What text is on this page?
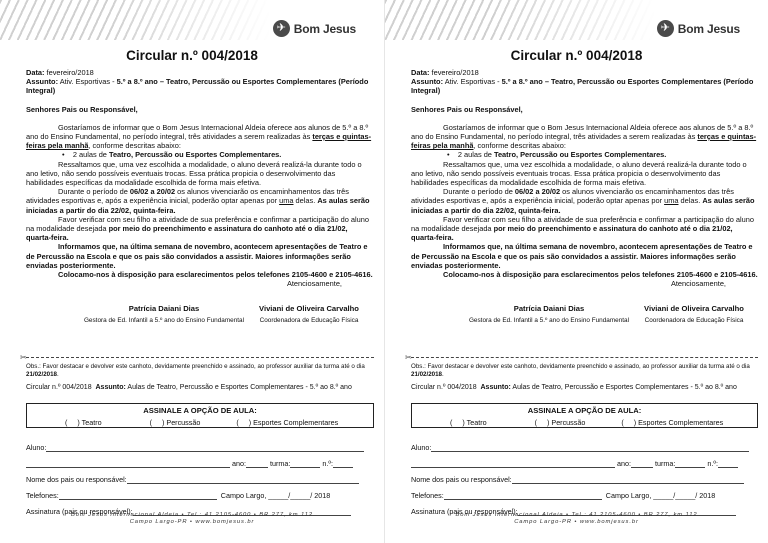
✈ Bom Jesus
Circular n.º 004/2018

Data: fevereiro/2018

Assunto: Ativ. Esportivas - 5.º a 8.º ano – Teatro, Percussão ou Esportes Complementares (Período Integral)

Senhores Pais ou Responsável,

Gostaríamos de informar que o Bom Jesus Internacional Aldeia oferece aos alunos de 5.º a 8.º ano do Ensino Fundamental, no período integral, três atividades a serem realizadas às terças e quintas-feiras pela manhã, conforme descritas abaixo:

•    2 aulas de Teatro, Percussão ou Esportes Complementares.

Ressaltamos que, uma vez escolhida a modalidade, o aluno deverá realizá-la durante todo o ano letivo, não sendo possíveis eventuais trocas. Essa prática propicia o desenvolvimento das habilidades específicas da modalidade escolhida de forma mais efetiva.

Durante o período de 06/02 a 20/02 os alunos vivenciarão os encaminhamentos das três atividades esportivas e, após a experiência inicial, poderão optar apenas por uma delas. As aulas serão iniciadas a partir do dia 22/02, quinta-feira.

Favor verificar com seu filho a atividade de sua preferência e confirmar a participação do aluno na modalidade desejada por meio do preenchimento e assinatura do canhoto até o dia 21/02, quarta-feira.

Informamos que, na última semana de novembro, acontecem apresentações de Teatro e de Percussão na Escola e que os pais são convidados a assistir. Maiores informações serão enviadas posteriormente.

Colocamo-nos à disposição para esclarecimentos pelos telefones 2105-4600 e 2105-4616.

Atenciosamente,

Patrícia Daiani Dias
Gestora de Ed. Infantil a 5.º ano do Ensino Fundamental
Viviani de Oliveira Carvalho
Coordenadora de Educação Física
✂
Obs.: Favor destacar e devolver este canhoto, devidamente preenchido e assinado, ao professor auxiliar da turma até o dia 21/02/2018.
Circular n.º 004/2018 Assunto: Aulas de Teatro, Percussão e Esportes Complementares - 5.º ao 8.º ano
ASSINALE A OPÇÃO DE AULA:
(     ) Teatro	(     ) Percussão	(     ) Esportes Complementares
Aluno:

ano:
	turma:
	n.º:
Nome dos pais ou responsável:
Telefones:
	Campo Largo, _____/_____/ 2018
Assinatura (pais ou responsável):
Bom Jesus Internacional Aldeia • Tel.: 41 2105-4600 • BR 277, km 112
Campo Largo-PR • www.bomjesus.br
✈ Bom Jesus
Circular n.º 004/2018

Data: fevereiro/2018

Assunto: Ativ. Esportivas - 5.º a 8.º ano – Teatro, Percussão ou Esportes Complementares (Período Integral)

Senhores Pais ou Responsável,

Gostaríamos de informar que o Bom Jesus Internacional Aldeia oferece aos alunos de 5.º a 8.º ano do Ensino Fundamental, no período integral, três atividades a serem realizadas às terças e quintas-feiras pela manhã, conforme descritas abaixo:

•    2 aulas de Teatro, Percussão ou Esportes Complementares.

Ressaltamos que, uma vez escolhida a modalidade, o aluno deverá realizá-la durante todo o ano letivo, não sendo possíveis eventuais trocas. Essa prática propicia o desenvolvimento das habilidades específicas da modalidade escolhida de forma mais efetiva.

Durante o período de 06/02 a 20/02 os alunos vivenciarão os encaminhamentos das três atividades esportivas e, após a experiência inicial, poderão optar apenas por uma delas. As aulas serão iniciadas a partir do dia 22/02, quinta-feira.

Favor verificar com seu filho a atividade de sua preferência e confirmar a participação do aluno na modalidade desejada por meio do preenchimento e assinatura do canhoto até o dia 21/02, quarta-feira.

Informamos que, na última semana de novembro, acontecem apresentações de Teatro e de Percussão na Escola e que os pais são convidados a assistir. Maiores informações serão enviadas posteriormente.

Colocamo-nos à disposição para esclarecimentos pelos telefones 2105-4600 e 2105-4616.

Atenciosamente,

Patrícia Daiani Dias
Gestora de Ed. Infantil a 5.º ano do Ensino Fundamental
Viviani de Oliveira Carvalho
Coordenadora de Educação Física
✂
Obs.: Favor destacar e devolver este canhoto, devidamente preenchido e assinado, ao professor auxiliar da turma até o dia 21/02/2018.
Circular n.º 004/2018 Assunto: Aulas de Teatro, Percussão e Esportes Complementares - 5.º ao 8.º ano
ASSINALE A OPÇÃO DE AULA:
(     ) Teatro	(     ) Percussão	(     ) Esportes Complementares
Aluno:

ano:
	turma:
	n.º:
Nome dos pais ou responsável:
Telefones:
	Campo Largo, _____/_____/ 2018
Assinatura (pais ou responsável):
Bom Jesus Internacional Aldeia • Tel.: 41 2105-4600 • BR 277, km 112
Campo Largo-PR • www.bomjesus.br
